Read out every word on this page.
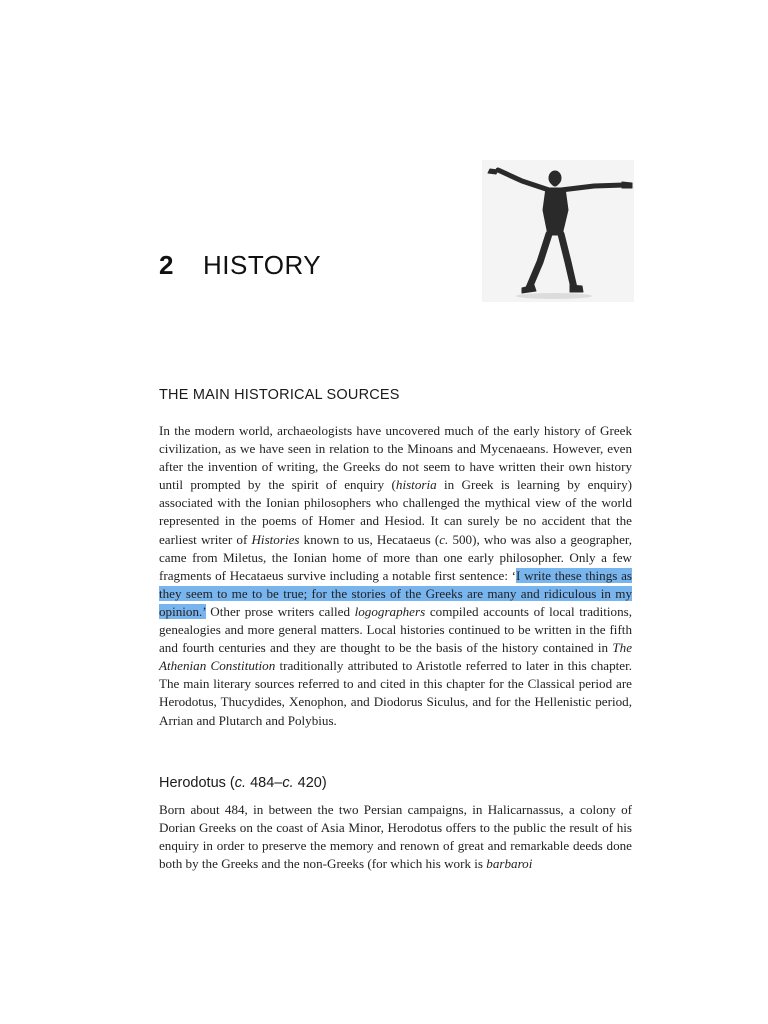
2 HISTORY
THE MAIN HISTORICAL SOURCES

In the modern world, archaeologists have uncovered much of the early history of Greek civilization, as we have seen in relation to the Minoans and Mycenaeans. However, even after the invention of writing, the Greeks do not seem to have written their own history until prompted by the spirit of enquiry (historia in Greek is learning by enquiry) associated with the Ionian philosophers who challenged the mythical view of the world represented in the poems of Homer and Hesiod. It can surely be no accident that the earliest writer of Histories known to us, Hecataeus (c. 500), who was also a geographer, came from Miletus, the Ionian home of more than one early philosopher. Only a few fragments of Hecataeus survive including a notable first sentence: ‘I write these things as they seem to me to be true; for the stories of the Greeks are many and ridiculous in my opinion.’ Other prose writers called logographers compiled accounts of local traditions, genealogies and more general matters. Local histories continued to be written in the fifth and fourth centuries and they are thought to be the basis of the history contained in The Athenian Constitution traditionally attributed to Aristotle referred to later in this chapter. The main literary sources referred to and cited in this chapter for the Classical period are Herodotus, Thucydides, Xenophon, and Diodorus Siculus, and for the Hellenistic period, Arrian and Plutarch and Polybius.

Herodotus (c. 484–c. 420)

Born about 484, in between the two Persian campaigns, in Halicarnassus, a colony of Dorian Greeks on the coast of Asia Minor, Herodotus offers to the public the result of his enquiry in order to preserve the memory and renown of great and remarkable deeds done both by the Greeks and the non-Greeks (for which his work is barbaroi
